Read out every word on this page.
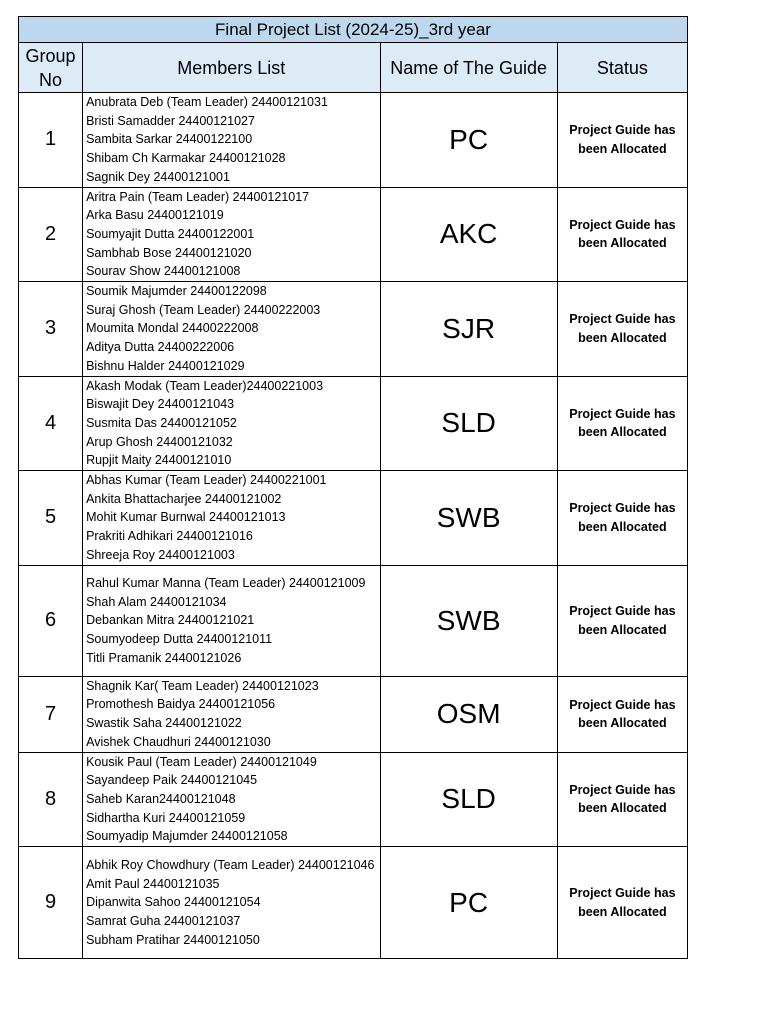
Final Project List (2024-25)_3rd year			
Group No	Members List	Name of The Guide	Status
1	Anubrata Deb (Team Leader) 24400121031
Bristi Samadder 24400121027
Sambita Sarkar 24400122100
Shibam Ch Karmakar 24400121028
Sagnik Dey 24400121001	PC	Project Guide has been Allocated
2	Aritra Pain (Team Leader) 24400121017
Arka Basu 24400121019
Soumyajit Dutta 24400122001
Sambhab Bose 24400121020
Sourav Show 24400121008	AKC	Project Guide has been Allocated
3	Soumik Majumder 24400122098
Suraj Ghosh (Team Leader) 24400222003
Moumita Mondal 24400222008
Aditya Dutta 24400222006
Bishnu Halder 24400121029	SJR	Project Guide has been Allocated
4	Akash Modak (Team Leader)24400221003
Biswajit Dey 24400121043
Susmita Das 24400121052
Arup Ghosh 24400121032
Rupjit Maity 24400121010	SLD	Project Guide has been Allocated
5	Abhas Kumar (Team Leader) 24400221001
Ankita Bhattacharjee 24400121002
Mohit Kumar Burnwal 24400121013
Prakriti Adhikari 24400121016
Shreeja Roy 24400121003	SWB	Project Guide has been Allocated
6	Rahul Kumar Manna (Team Leader) 24400121009
Shah Alam 24400121034
Debankan Mitra 24400121021
Soumyodeep Dutta 24400121011
Titli Pramanik 24400121026	SWB	Project Guide has been Allocated
7	Shagnik Kar( Team Leader) 24400121023
Promothesh Baidya 24400121056
Swastik Saha 24400121022
Avishek Chaudhuri 24400121030	OSM	Project Guide has been Allocated
8	Kousik Paul (Team Leader) 24400121049
Sayandeep Paik 24400121045
Saheb Karan24400121048
Sidhartha Kuri 24400121059
Soumyadip Majumder 24400121058	SLD	Project Guide has been Allocated
9	Abhik Roy Chowdhury (Team Leader) 24400121046
Amit Paul 24400121035
Dipanwita Sahoo 24400121054
Samrat Guha 24400121037
Subham Pratihar 24400121050	PC	Project Guide has been Allocated
